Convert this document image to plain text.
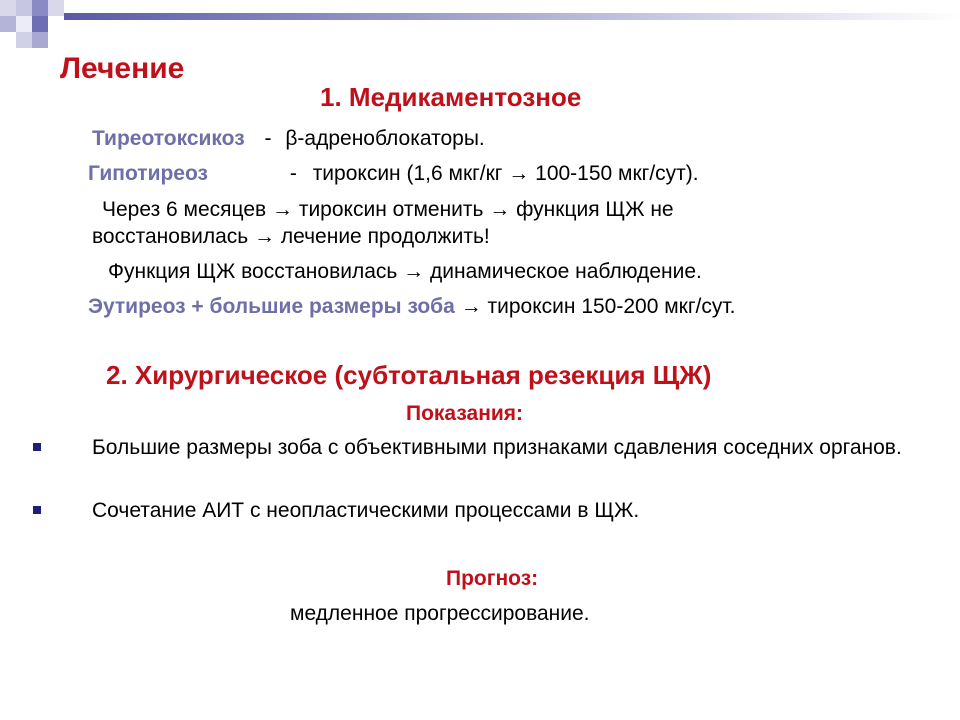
Лечение
1. Медикаментозное
Тиреотоксикоз - β-адреноблокаторы.
Гипотиреоз	- тироксин (1,6 мкг/кг → 100-150 мкг/сут).
Через 6 месяцев → тироксин отменить → функция ЩЖ не
восстановилась → лечение продолжить!
Функция ЩЖ восстановилась → динамическое наблюдение.
Эутиреоз + большие размеры зоба → тироксин 150-200 мкг/сут.
2. Хирургическое (субтотальная резекция ЩЖ)
Показания:
Большие размеры зоба с объективными признаками сдавления соседних органов.
Сочетание АИТ с неопластическими процессами в ЩЖ.
Прогноз:
медленное прогрессирование.
